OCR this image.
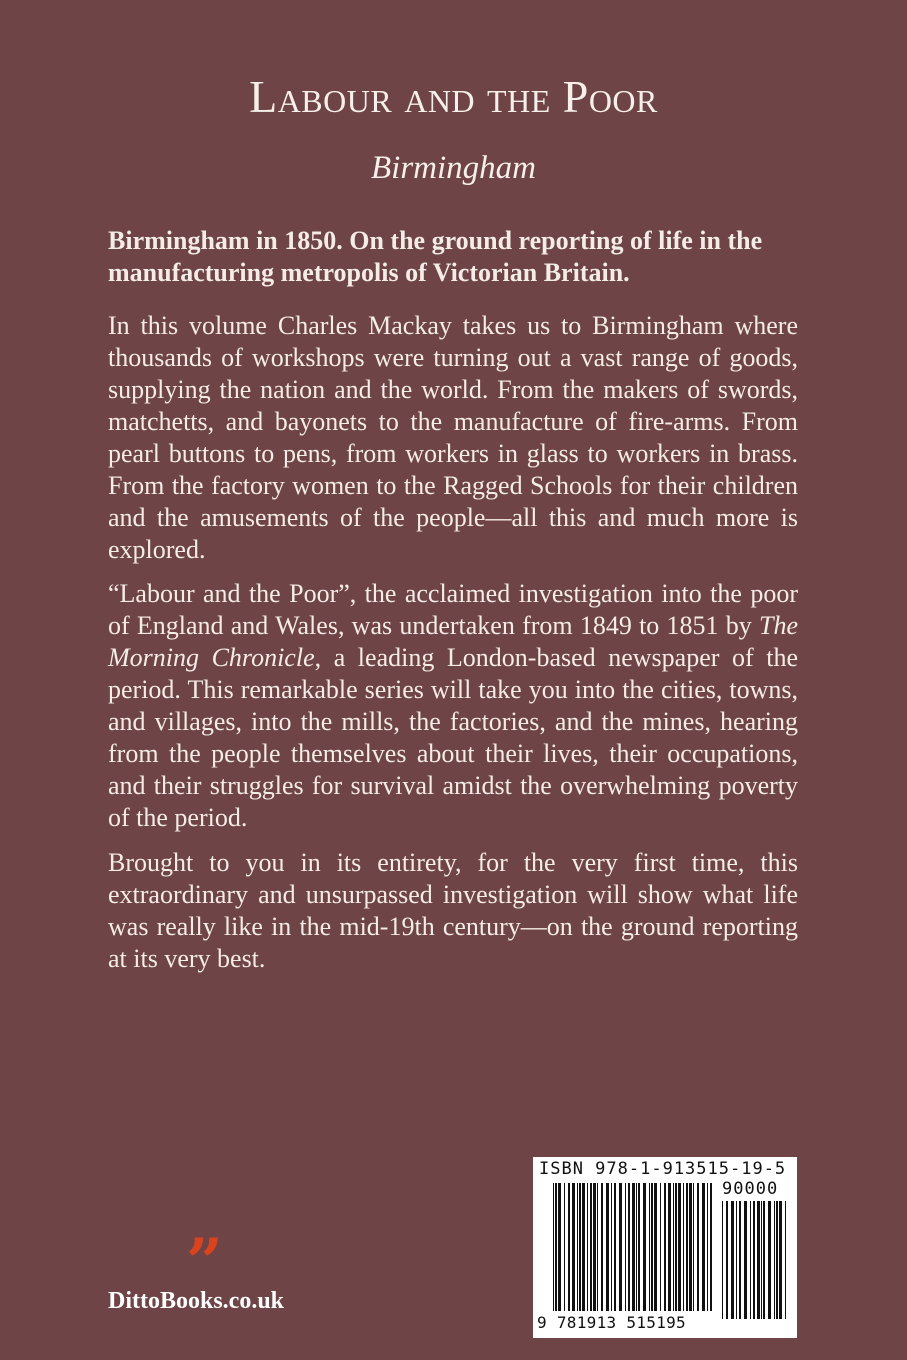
Labour and the Poor
Birmingham
Birmingham in 1850. On the ground reporting of life in the manufacturing metropolis of Victorian Britain.
In this volume Charles Mackay takes us to Birmingham where thousands of workshops were turning out a vast range of goods, supplying the nation and the world. From the makers of swords, matchetts, and bayonets to the manufacture of fire-arms. From pearl buttons to pens, from workers in glass to workers in brass. From the factory women to the Ragged Schools for their children and the amusements of the people—all this and much more is explored.
“Labour and the Poor”, the acclaimed investigation into the poor of England and Wales, was undertaken from 1849 to 1851 by The Morning Chronicle, a leading London-based newspaper of the period. This remarkable series will take you into the cities, towns, and villages, into the mills, the factories, and the mines, hearing from the people themselves about their lives, their occupations, and their struggles for survival amidst the overwhelming poverty of the period.
Brought to you in its entirety, for the very first time, this extraordinary and unsurpassed investigation will show what life was really like in the mid-19th century—on the ground reporting at its very best.
”
DittoBooks.co.uk
ISBN 978-1-913515-19-5
90000
9 781913 515195
